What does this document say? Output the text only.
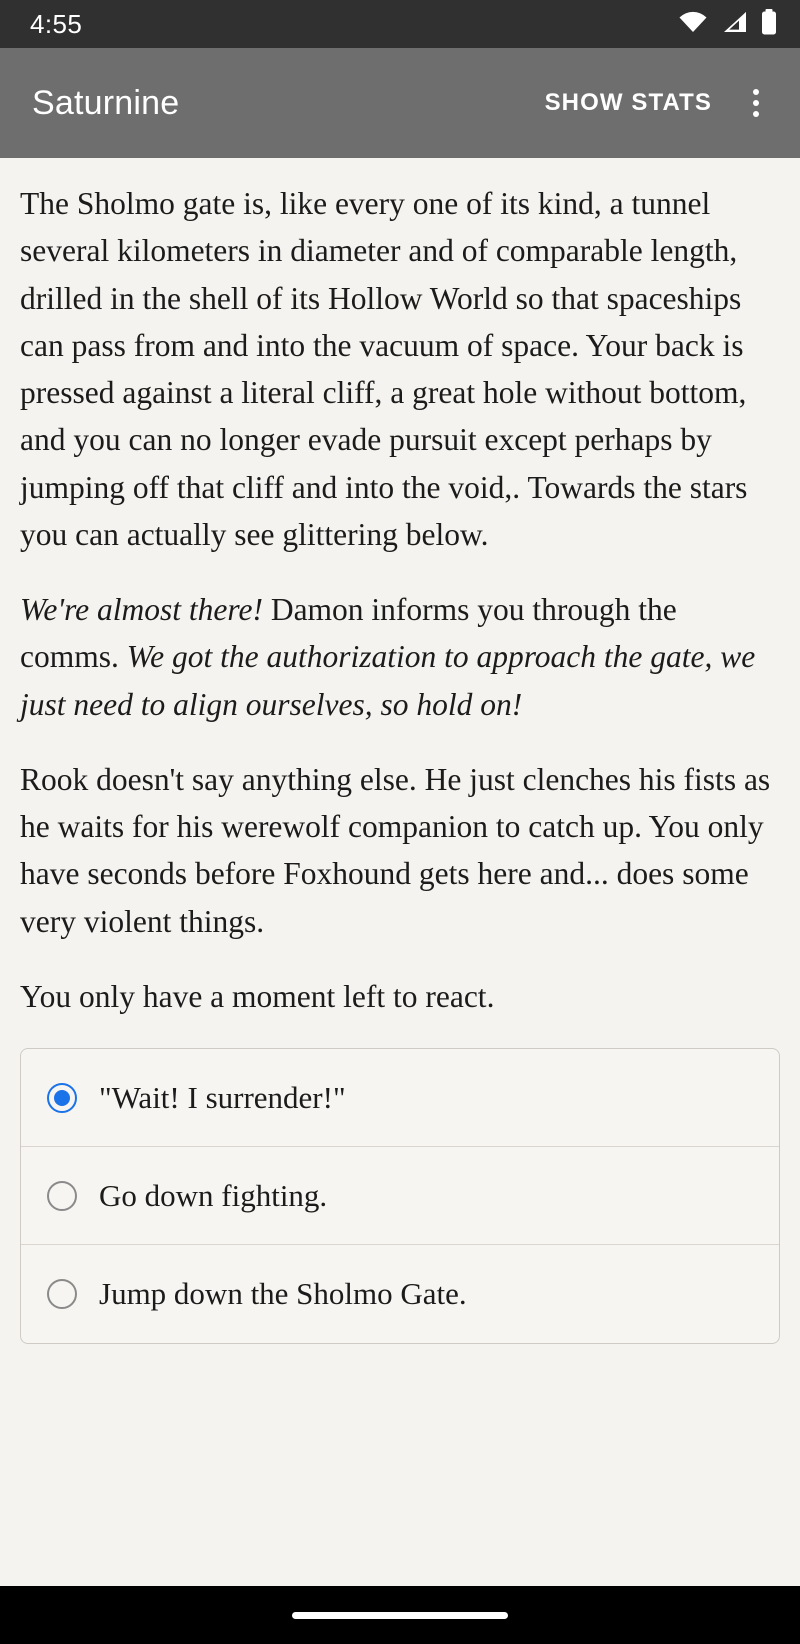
4:55
Saturnine	SHOW STATS

The Sholmo gate is, like every one of its kind, a tunnel several kilometers in diameter and of comparable length, drilled in the shell of its Hollow World so that spaceships can pass from and into the vacuum of space. Your back is pressed against a literal cliff, a great hole without bottom, and you can no longer evade pursuit except perhaps by jumping off that cliff and into the void,. Towards the stars you can actually see glittering below.

We're almost there! Damon informs you through the comms. We got the authorization to approach the gate, we just need to align ourselves, so hold on!

Rook doesn't say anything else. He just clenches his fists as he waits for his werewolf companion to catch up. You only have seconds before Foxhound gets here and... does some very violent things.

You only have a moment left to react.

"Wait! I surrender!"
Go down fighting.
Jump down the Sholmo Gate.
